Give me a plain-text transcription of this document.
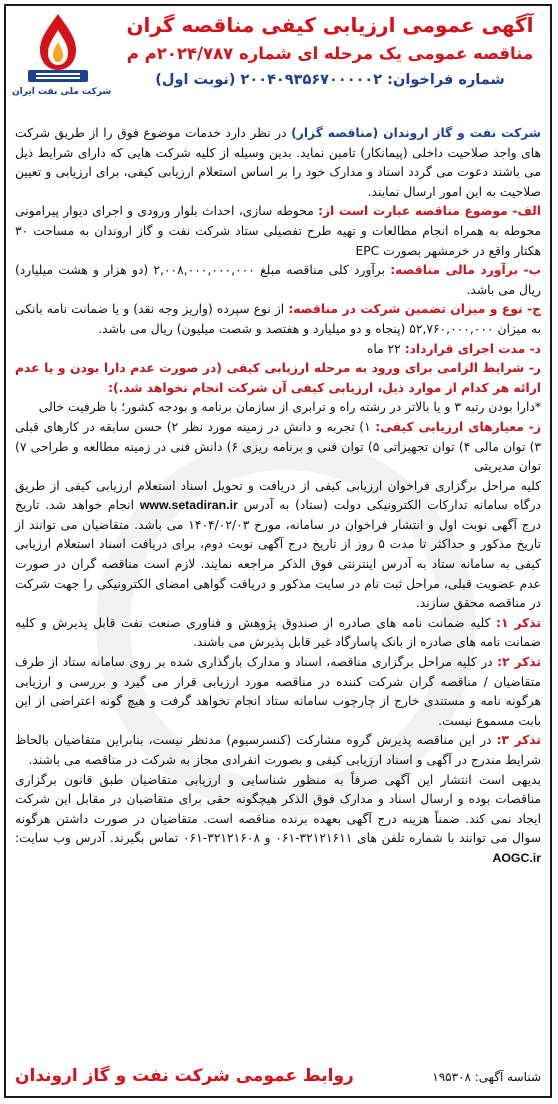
شرکت ملی نفت ایران
آگهی عمومی ارزیابی کیفی مناقصه گران
مناقصه عمومی یک مرحله ای شماره ۲۰۲۴/۷۸۷م م
شماره فراخوان: ۲۰۰۴۰۹۳۵۶۷۰۰۰۰۰۲ (نوبت اول)

شرکت نفت و گاز اروندان (مناقصه گزار) در نظر دارد خدمات موضوع فوق را از طریق شرکت های واجد صلاحیت داخلی (پیمانکار) تامین نماید. بدین وسیله از کلیه شرکت هایی که دارای شرایط ذیل می باشند دعوت می گردد اسناد و مدارک خود را بر اساس استعلام ارزیابی کیفی، برای ارزیابی و تعیین صلاحیت به این امور ارسال نمایند.

الف- موضوع مناقصه عبارت است از: محوطه سازی، احداث بلوار ورودی و اجرای دیوار پیرامونی محوطه به همراه انجام مطالعات و تهیه طرح تفصیلی ستاد شرکت نفت و گاز اروندان به مساحت ۳۰ هکتار واقع در خرمشهر بصورت EPC

ب- برآورد مالی مناقصه: برآورد کلی مناقصه مبلغ ۲,۰۰۸,۰۰۰,۰۰۰,۰۰۰ (دو هزار و هشت میلیارد) ریال می باشد.

ج- نوع و میزان تضمین شرکت در مناقصه: از نوع سپرده (واریز وجه نقد) و یا ضمانت نامه بانکی به میزان ۵۲,۷۶۰,۰۰۰,۰۰۰ (پنجاه و دو میلیارد و هفتصد و شصت میلیون) ریال می باشد.

د- مدت اجرای قرارداد: ۲۲ ماه

ر- شرایط الزامی برای ورود به مرحله ارزیابی کیفی (در صورت عدم دارا بودن و یا عدم ارائه هر کدام از موارد ذیل، ارزیابی کیفی آن شرکت انجام نخواهد شد.):

*دارا بودن رتبه ۳ و یا بالاتر در رشته راه و ترابری از سازمان برنامه و بودجه کشور؛ با ظرفیت خالی

ز- معیارهای ارزیابی کیفی: ۱) تجربه و دانش در زمینه مورد نظر ۲) حسن سابقه در کارهای قبلی ۳) توان مالی ۴) توان تجهیزاتی ۵) توان فنی و برنامه ریزی ۶) دانش فنی در زمینه مطالعه و طراحی ۷) توان مدیریتی

کلیه مراحل برگزاری فراخوان ارزیابی کیفی از دریافت و تحویل اسناد استعلام ارزیابی کیفی از طریق درگاه سامانه تدارکات الکترونیکی دولت (ستاد) به آدرس www.setadiran.ir انجام خواهد شد. تاریخ درج آگهی نوبت اول و انتشار فراخوان در سامانه، مورخ ۱۴۰۴/۰۲/۰۳ می باشد. متقاضیان می توانند از تاریخ مذکور و حداکثر تا مدت ۵ روز از تاریخ درج آگهی نوبت دوم، برای دریافت اسناد استعلام ارزیابی کیفی به سامانه ستاد به آدرس اینترنتی فوق الذکر مراجعه نمایند. لازم است مناقصه گران در صورت عدم عضویت قبلی، مراحل ثبت نام در سایت مذکور و دریافت گواهی امضای الکترونیکی را جهت شرکت در مناقصه محقق سازند.

تذکر ۱: کلیه ضمانت نامه های صادره از صندوق پژوهش و فناوری صنعت نفت قابل پذیرش و کلیه ضمانت نامه های صادره از بانک پاسارگاد غیر قابل پذیرش می باشند.

تذکر ۲: در کلیه مراحل برگزاری مناقصه، اسناد و مدارک بارگذاری شده بر روی سامانه ستاد از طرف متقاضیان / مناقصه گران شرکت کننده در مناقصه مورد ارزیابی قرار می گیرد و بررسی و ارزیابی هرگونه نامه و مستندی خارج از چارچوب سامانه ستاد انجام نخواهد گرفت و هیچ گونه اعتراضی از این بابت مسموع نیست.

تذکر ۳: در این مناقصه پذیرش گروه مشارکت (کنسرسیوم) مدنظر نیست، بنابراین متقاضیان بالحاظ شرایط مندرج در آگهی و اسناد ارزیابی کیفی و بصورت انفرادی مجاز به شرکت در مناقصه می باشند.

بدیهی است انتشار این آگهی صرفاً به منظور شناسایی و ارزیابی متقاضیان طبق قانون برگزاری مناقصات بوده و ارسال اسناد و مدارک فوق الذکر هیچگونه حقی برای متقاضیان در مقابل این شرکت ایجاد نمی کند. ضمناً هزینه درج آگهی بعهده برنده مناقصه است. متقاضیان در صورت داشتن هرگونه سوال می توانند با شماره تلفن های ۳۲۱۲۱۶۱۱-۰۶۱ و ۳۲۱۲۱۶۰۸-۰۶۱ تماس بگیرند. آدرس وب سایت: AOGC.ir

شناسه آگهی: ۱۹۵۳۰۸
روابط عمومی شرکت نفت و گاز اروندان
